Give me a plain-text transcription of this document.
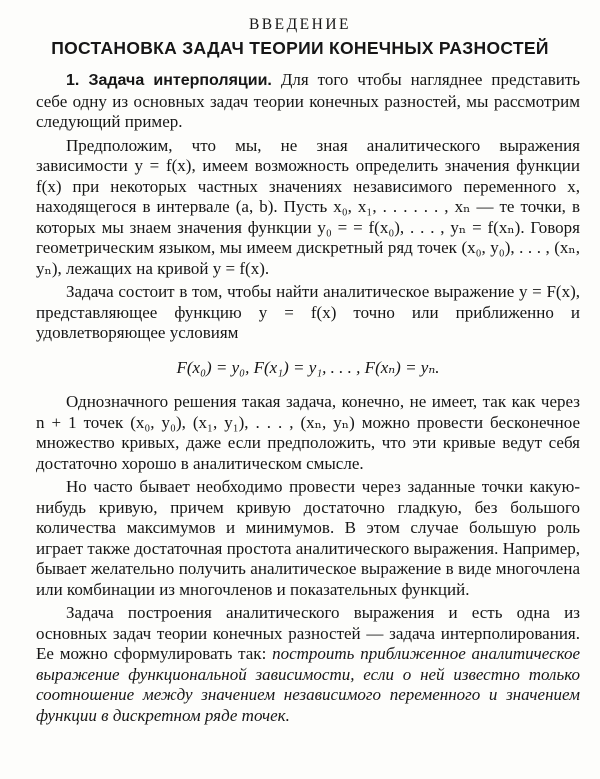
ВВЕДЕНИЕ
ПОСТАНОВКА ЗАДАЧ ТЕОРИИ КОНЕЧНЫХ РАЗНОСТЕЙ

1. Задача интерполяции. Для того чтобы нагляднее представить себе одну из основных задач теории конечных разностей, мы рассмотрим следующий пример.

Предположим, что мы, не зная аналитического выражения зависимости y = f(x), имеем возможность определить значения функции f(x) при некоторых частных значениях независимого переменного x, находящегося в интервале (a, b). Пусть x₀, x₁, . . . . . . , xₙ — те точки, в которых мы знаем значения функции y₀ = = f(x₀), . . . , yₙ = f(xₙ). Говоря геометрическим языком, мы имеем дискретный ряд точек (x₀, y₀), . . . , (xₙ, yₙ), лежащих на кривой y = f(x).

Задача состоит в том, чтобы найти аналитическое выражение y = F(x), представляющее функцию y = f(x) точно или приближенно и удовлетворяющее условиям

F(x₀) = y₀, F(x₁) = y₁, . . . , F(xₙ) = yₙ.

Однозначного решения такая задача, конечно, не имеет, так как через n + 1 точек (x₀, y₀), (x₁, y₁), . . . , (xₙ, yₙ) можно провести бесконечное множество кривых, даже если предположить, что эти кривые ведут себя достаточно хорошо в аналитическом смысле.

Но часто бывает необходимо провести через заданные точки какую-нибудь кривую, причем кривую достаточно гладкую, без большого количества максимумов и минимумов. В этом случае большую роль играет также достаточная простота аналитического выражения. Например, бывает желательно получить аналитическое выражение в виде многочлена или комбинации из многочленов и показательных функций.

Задача построения аналитического выражения и есть одна из основных задач теории конечных разностей — задача интерполирования. Ее можно сформулировать так: построить приближенное аналитическое выражение функциональной зависимости, если о ней известно только соотношение между значением независимого переменного и значением функции в дискретном ряде точек.
